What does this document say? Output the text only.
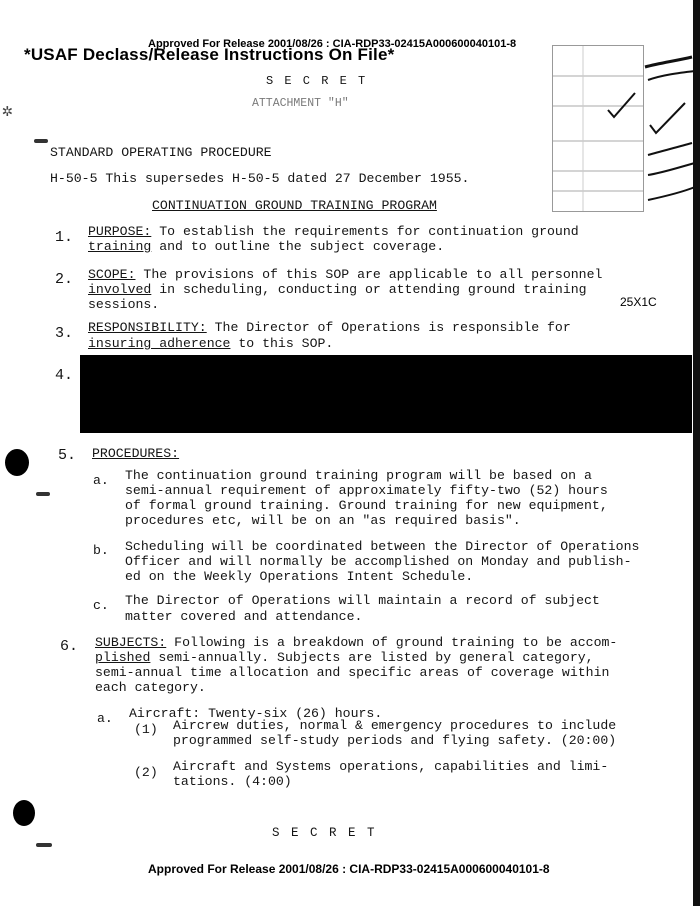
Approved For Release 2001/08/26 : CIA-RDP33-02415A000600040101-8
*USAF Declass/Release Instructions On File*
S E C R E T
ATTACHMENT "H"
✲
STANDARD OPERATING PROCEDURE
H-50-5 This supersedes H-50-5 dated 27 December 1955.
CONTINUATION GROUND TRAINING PROGRAM
1. PURPOSE: To establish the requirements for continuation ground
training and to outline the subject coverage.
2. SCOPE: The provisions of this SOP are applicable to all personnel
involved in scheduling, conducting or attending ground training
sessions.	25X1C
3. RESPONSIBILITY: The Director of Operations is responsible for
insuring adherence to this SOP.
4.
5. PROCEDURES:
a. The continuation ground training program will be based on a
semi-annual requirement of approximately fifty-two (52) hours
of formal ground training. Ground training for new equipment,
procedures etc, will be on an "as required basis".
b. Scheduling will be coordinated between the Director of Operations
Officer and will normally be accomplished on Monday and publish-
ed on the Weekly Operations Intent Schedule.
c. The Director of Operations will maintain a record of subject
matter covered and attendance.
6. SUBJECTS: Following is a breakdown of ground training to be accom-
plished semi-annually. Subjects are listed by general category,
semi-annual time allocation and specific areas of coverage within
each category.
a. Aircraft: Twenty-six (26) hours.
(1) Aircrew duties, normal & emergency procedures to include
programmed self-study periods and flying safety. (20:00)
(2) Aircraft and Systems operations, capabilities and limi-
tations. (4:00)
S E C R E T
Approved For Release 2001/08/26 : CIA-RDP33-02415A000600040101-8
